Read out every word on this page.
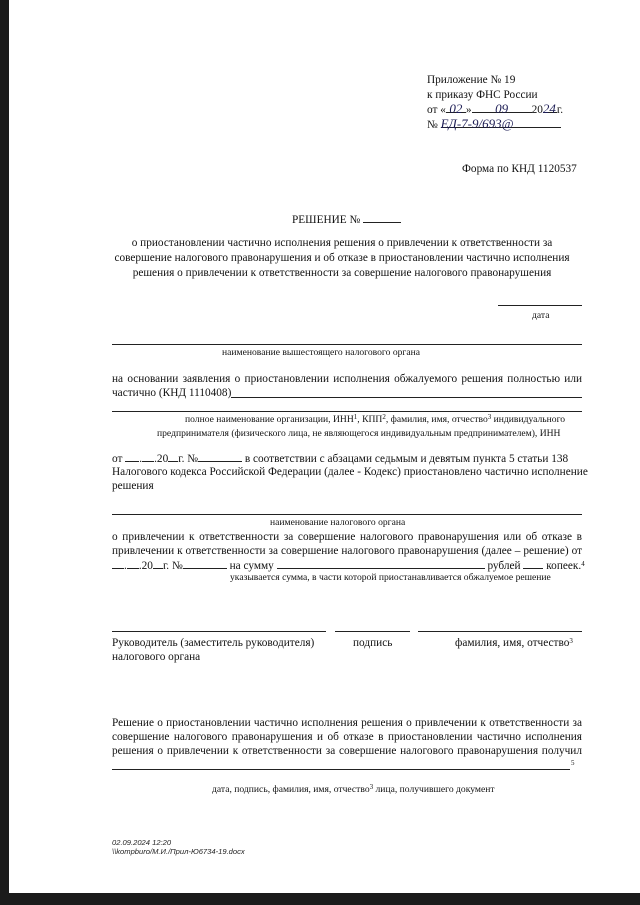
Приложение № 19
к приказу ФНС России
от « 02 » 09 2024г.
№ ЕД-7-9/693@
Форма по КНД 1120537
РЕШЕНИЕ №
о приостановлении частично исполнения решения о привлечении к ответственности за
совершение налогового правонарушения и об отказе в приостановлении частично исполнения
решения о привлечении к ответственности за совершение налогового правонарушения
дата
наименование вышестоящего налогового органа
на основании заявления о приостановлении исполнения обжалуемого решения полностью или
частично (КНД 1110408)
полное наименование организации, ИНН$^1$, КПП$^2$, фамилия, имя, отчество$^3$ индивидуального
предпринимателя (физического лица, не являющегося индивидуальным предпринимателем), ИНН
от . .20 г. №	в соответствии с абзацами седьмым и девятым пункта 5 статьи 138
Налогового кодекса Российской Федерации (далее - Кодекс) приостановлено частично исполнение
решения
наименование налогового органа
о привлечении к ответственности за совершение налогового правонарушения или об отказе в
привлечении к ответственности за совершение налогового правонарушения (далее – решение) от
. .20 г. №	на сумму	рублей копеек.$^4$
указывается сумма, в части которой приостанавливается обжалуемое решение
Руководитель (заместитель руководителя)
налогового органа
подпись	фамилия, имя, отчество$^3$
Решение о приостановлении частично исполнения решения о привлечении к ответственности за
совершение налогового правонарушения и об отказе в приостановлении частично исполнения
решения о привлечении к ответственности за совершение налогового правонарушения получил
$^5$
дата, подпись, фамилия, имя, отчество$^3$ лица, получившего документ
02.09.2024 12:20
\\kompburo/М.И./Прил-Ю6734-19.docx
